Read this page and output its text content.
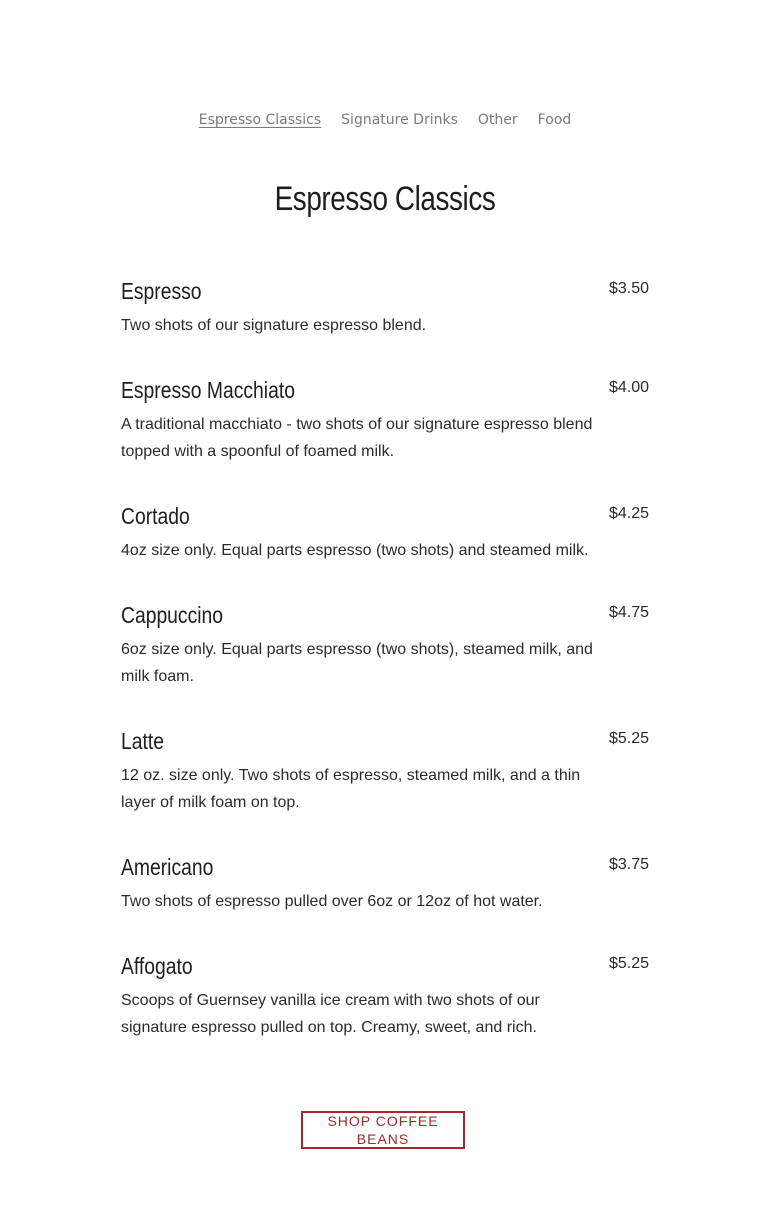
Espresso Classics Signature Drinks Other Food
Espresso Classics
Espresso	$3.50
Two shots of our signature espresso blend.
Espresso Macchiato	$4.00
A traditional macchiato - two shots of our signature espresso blend topped with a spoonful of foamed milk.
Cortado	$4.25
4oz size only. Equal parts espresso (two shots) and steamed milk.
Cappuccino	$4.75
6oz size only. Equal parts espresso (two shots), steamed milk, and milk foam.
Latte	$5.25
12 oz. size only. Two shots of espresso, steamed milk, and a thin layer of milk foam on top.
Americano	$3.75
Two shots of espresso pulled over 6oz or 12oz of hot water.
Affogato	$5.25
Scoops of Guernsey vanilla ice cream with two shots of our signature espresso pulled on top. Creamy, sweet, and rich.
SHOP COFFEE BEANS
